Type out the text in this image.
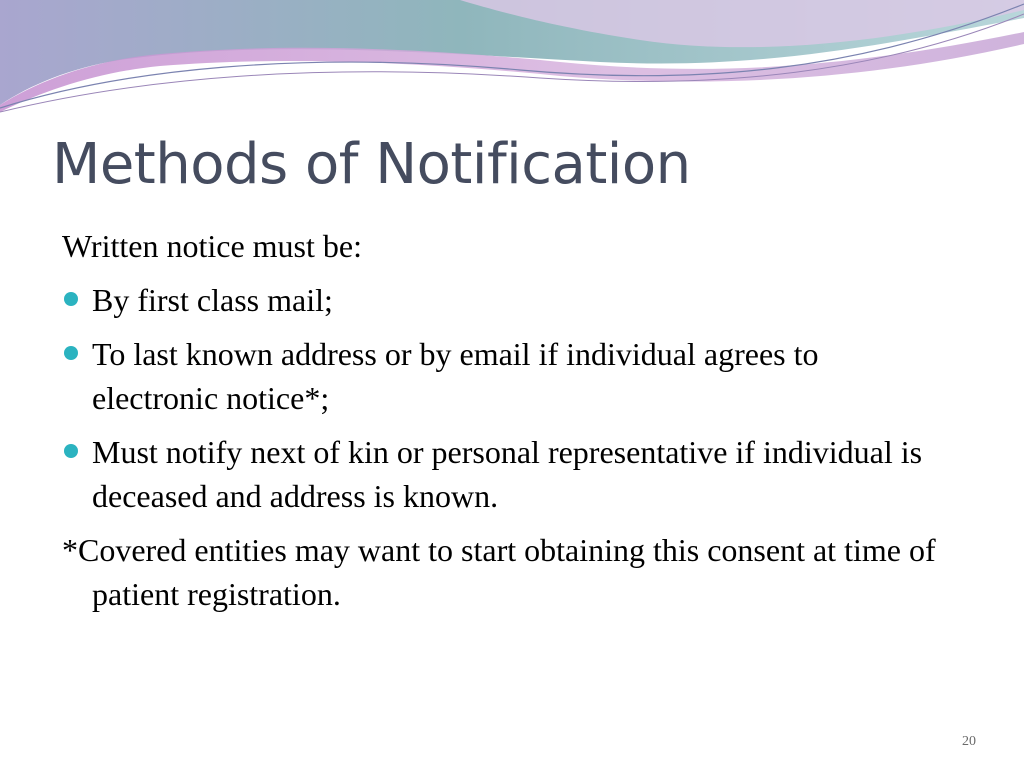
Methods of Notification

Written notice must be:

By first class mail;

To last known address or by email if individual agrees to electronic notice*;

Must notify next of kin or personal representative if individual is deceased and address is known.

*Covered entities may want to start obtaining this consent at time of patient registration.

20
